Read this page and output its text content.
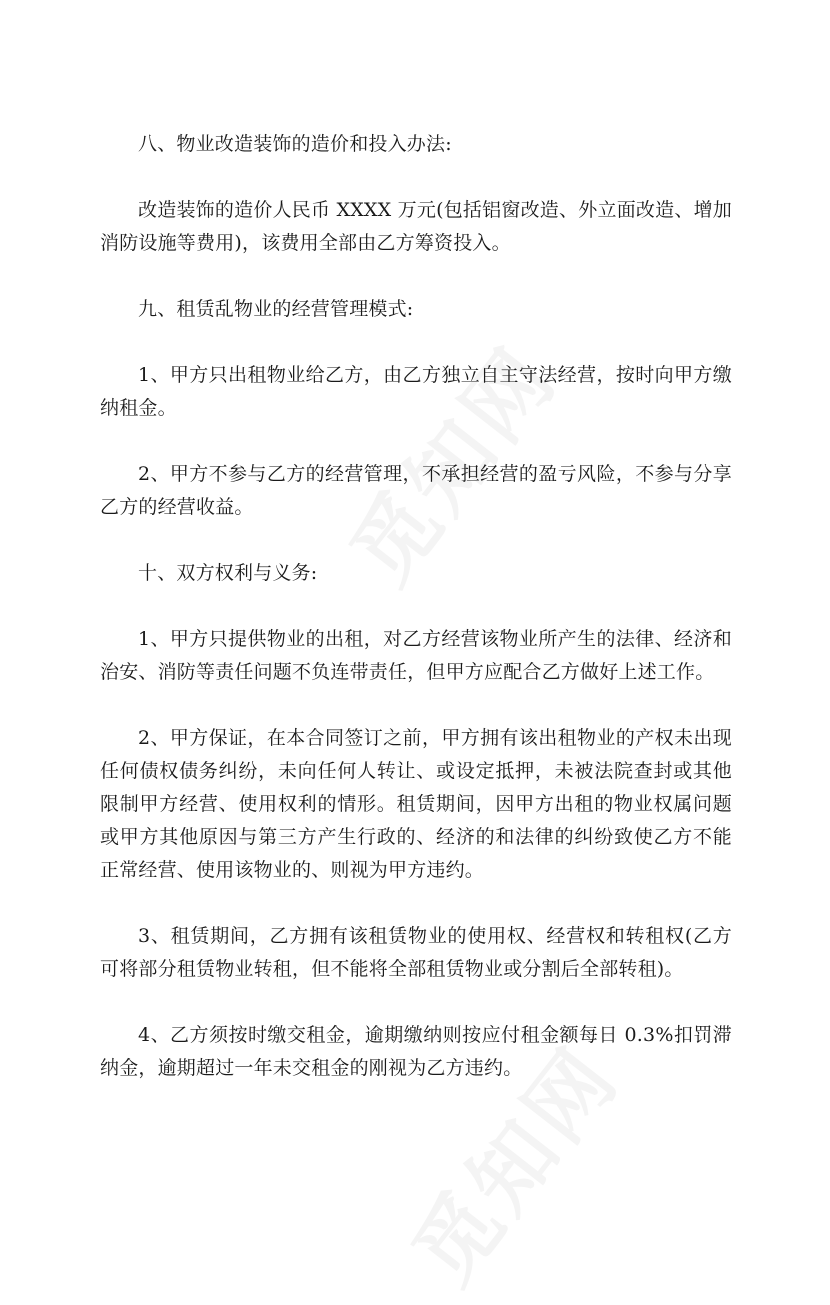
八、物业改造装饰的造价和投入办法:

改造装饰的造价人民币 XXXX 万元(包括铝窗改造、外立面改造、增加消防设施等费用)，该费用全部由乙方筹资投入。

九、租赁乱物业的经营管理模式:

1、甲方只出租物业给乙方，由乙方独立自主守法经营，按时向甲方缴纳租金。

2、甲方不参与乙方的经营管理，不承担经营的盈亏风险，不参与分享乙方的经营收益。

十、双方权利与义务:

1、甲方只提供物业的出租，对乙方经营该物业所产生的法律、经济和治安、消防等责任问题不负连带责任，但甲方应配合乙方做好上述工作。

2、甲方保证，在本合同签订之前，甲方拥有该出租物业的产权未出现任何债权债务纠纷，未向任何人转让、或设定抵押，未被法院查封或其他限制甲方经营、使用权利的情形。租赁期间，因甲方出租的物业权属问题或甲方其他原因与第三方产生行政的、经济的和法律的纠纷致使乙方不能正常经营、使用该物业的、则视为甲方违约。

3、租赁期间，乙方拥有该租赁物业的使用权、经营权和转租权(乙方可将部分租赁物业转租，但不能将全部租赁物业或分割后全部转租)。

4、乙方须按时缴交租金，逾期缴纳则按应付租金额每日 0.3%扣罚滞纳金，逾期超过一年未交租金的刚视为乙方违约。
